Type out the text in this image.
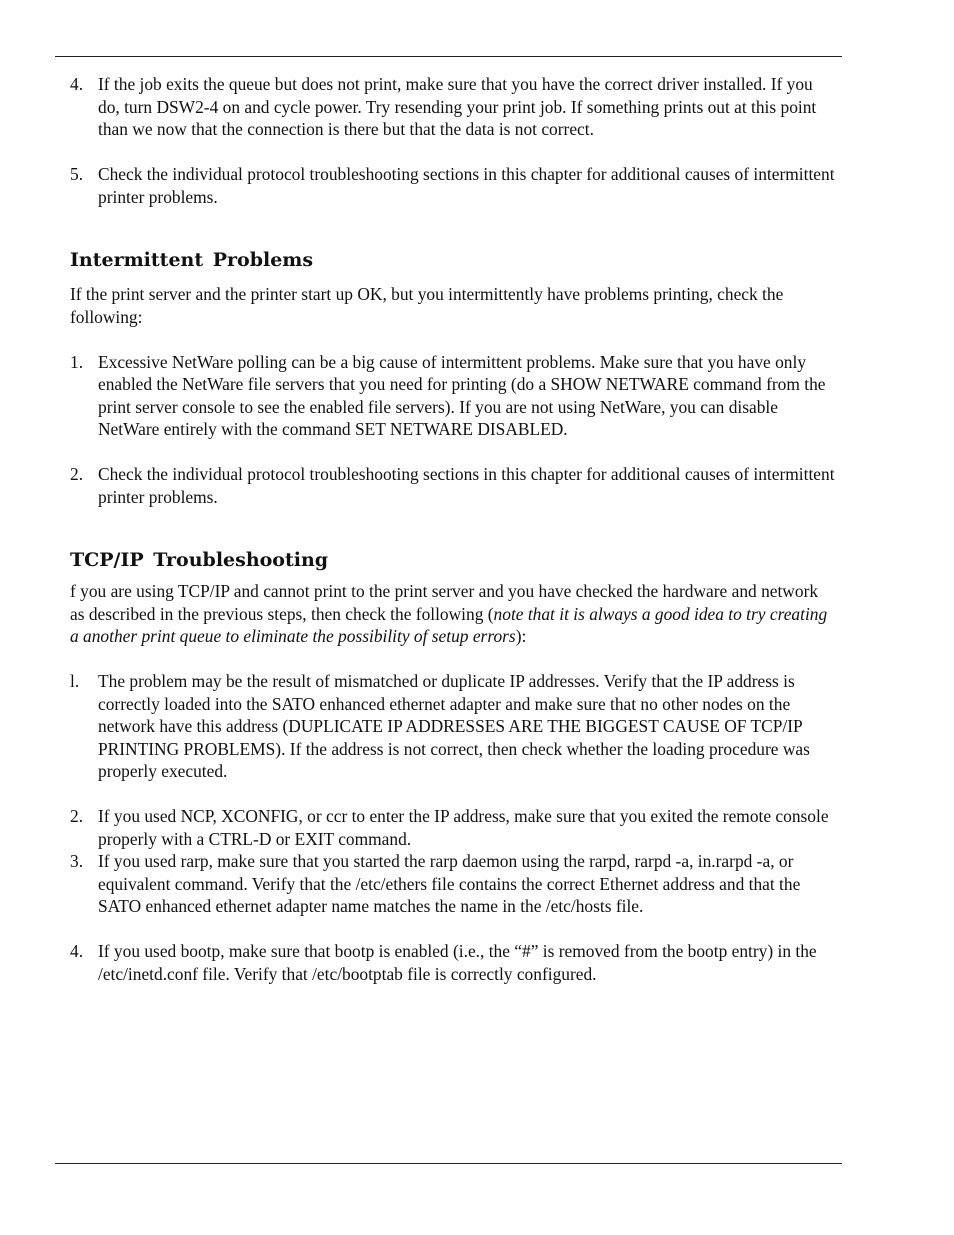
4. If the job exits the queue but does not print, make sure that you have the correct driver installed. If you do, turn DSW2-4 on and cycle power. Try resending your print job. If something prints out at this point than we now that the connection is there but that the data is not correct.

5. Check the individual protocol troubleshooting sections in this chapter for additional causes of intermittent printer problems.

Intermittent Problems

If the print server and the printer start up OK, but you intermittently have problems printing, check the following:

1. Excessive NetWare polling can be a big cause of intermittent problems. Make sure that you have only enabled the NetWare file servers that you need for printing (do a SHOW NETWARE command from the print server console to see the enabled file servers). If you are not using NetWare, you can disable NetWare entirely with the command SET NETWARE DISABLED.

2. Check the individual protocol troubleshooting sections in this chapter for additional causes of intermittent printer problems.

TCP/IP Troubleshooting

f you are using TCP/IP and cannot print to the print server and you have checked the hardware and network as described in the previous steps, then check the following (note that it is always a good idea to try creating a another print queue to eliminate the possibility of setup errors):

l. The problem may be the result of mismatched or duplicate IP addresses. Verify that the IP address is correctly loaded into the SATO enhanced ethernet adapter and make sure that no other nodes on the network have this address (DUPLICATE IP ADDRESSES ARE THE BIGGEST CAUSE OF TCP/IP PRINTING PROBLEMS). If the address is not correct, then check whether the loading procedure was properly executed.

2. If you used NCP, XCONFIG, or ccr to enter the IP address, make sure that you exited the remote console properly with a CTRL-D or EXIT command.

3. If you used rarp, make sure that you started the rarp daemon using the rarpd, rarpd -a, in.rarpd -a, or equivalent command. Verify that the /etc/ethers file contains the correct Ethernet address and that the SATO enhanced ethernet adapter name matches the name in the /etc/hosts file.

4. If you used bootp, make sure that bootp is enabled (i.e., the “#” is removed from the bootp entry) in the

/etc/inetd.conf file. Verify that /etc/bootptab file is correctly configured.
